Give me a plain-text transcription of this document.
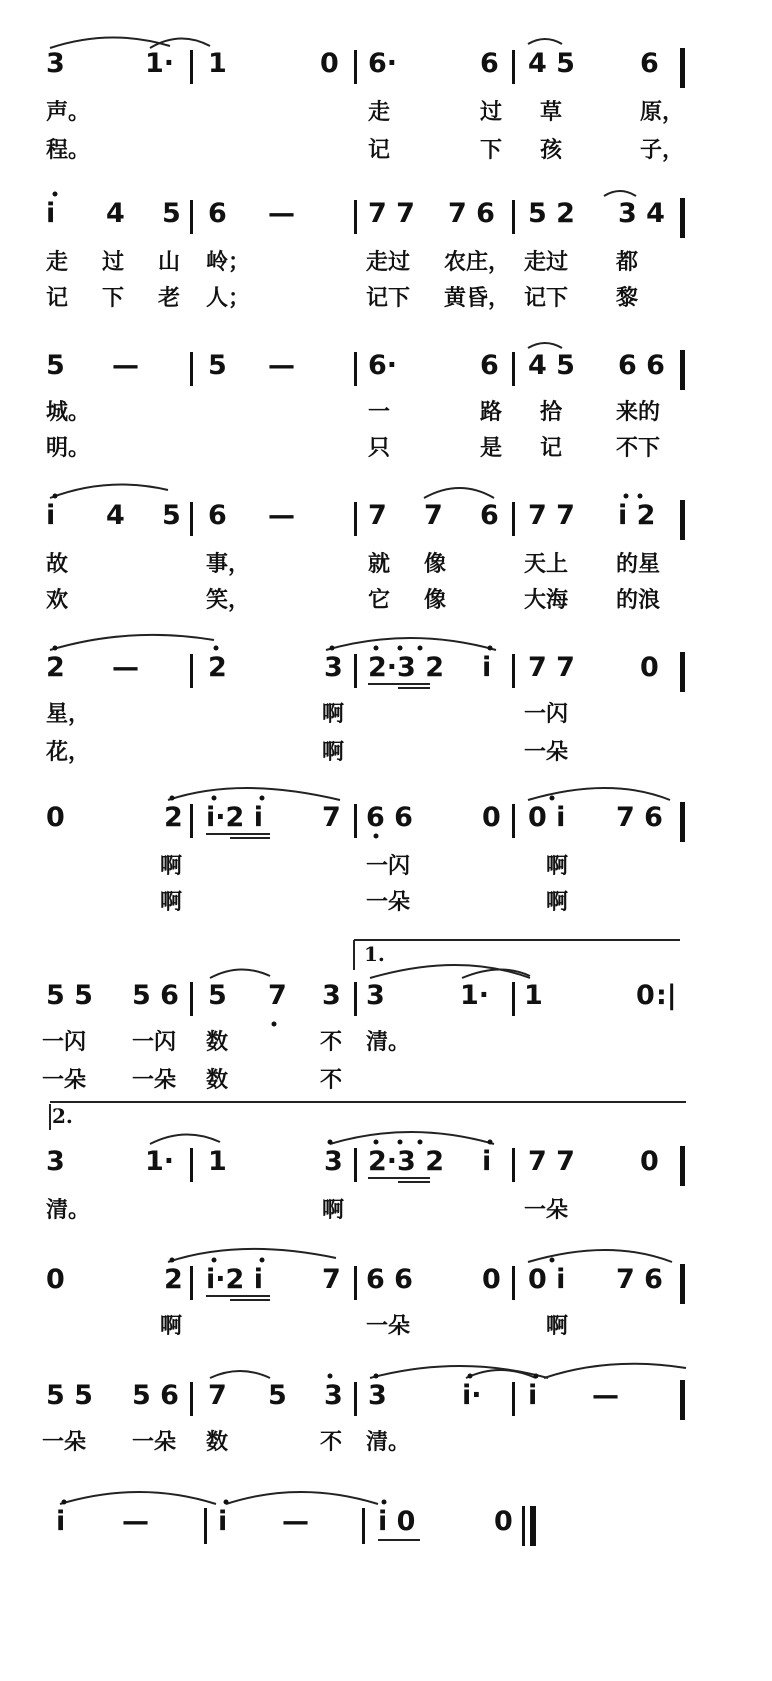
3	1· 1	0 6·	6 4 5 6
声。	走	过 草	原，
程。	记	下 孩	子，
i 4 5 6 —	7 7 7 6 5 2 3 4
走 过 山 岭；	走过 农庄， 走过 都
记 下 老 人；	记下 黄昏， 记下 黎
5 —	5 —	6·	6 4 5 6 6
城。	一	路 拾 来的
明。	只	是 记 不下
i 4 5 6 —	7 7 6 7 7 i 2
故	事，	就 像	天上 的星
欢	笑，	它 像	大海 的浪
2 —	2	3 2·3 2 i 7 7 0
星，	啊	一闪
花，	啊	一朵
0	2 i·2 i 7 6 6	0 0 i 7 6
啊	一闪	啊
啊	一朵	啊
1.
5 5 5 6 5 7 3 3	1· 1	0 :|
一闪 一闪 数	不 清。
一朵 一朵 数	不
2.
3	1· 1	3 2·3 2 i 7 7 0
清。	啊	一朵
0	2 i·2 i 7 6 6	0 0 i 7 6
啊	一朵	啊
5 5 5 6 7 5 3 3	i· i —
一朵 一朵 数	不 清。
i —	i —	i 0	0
